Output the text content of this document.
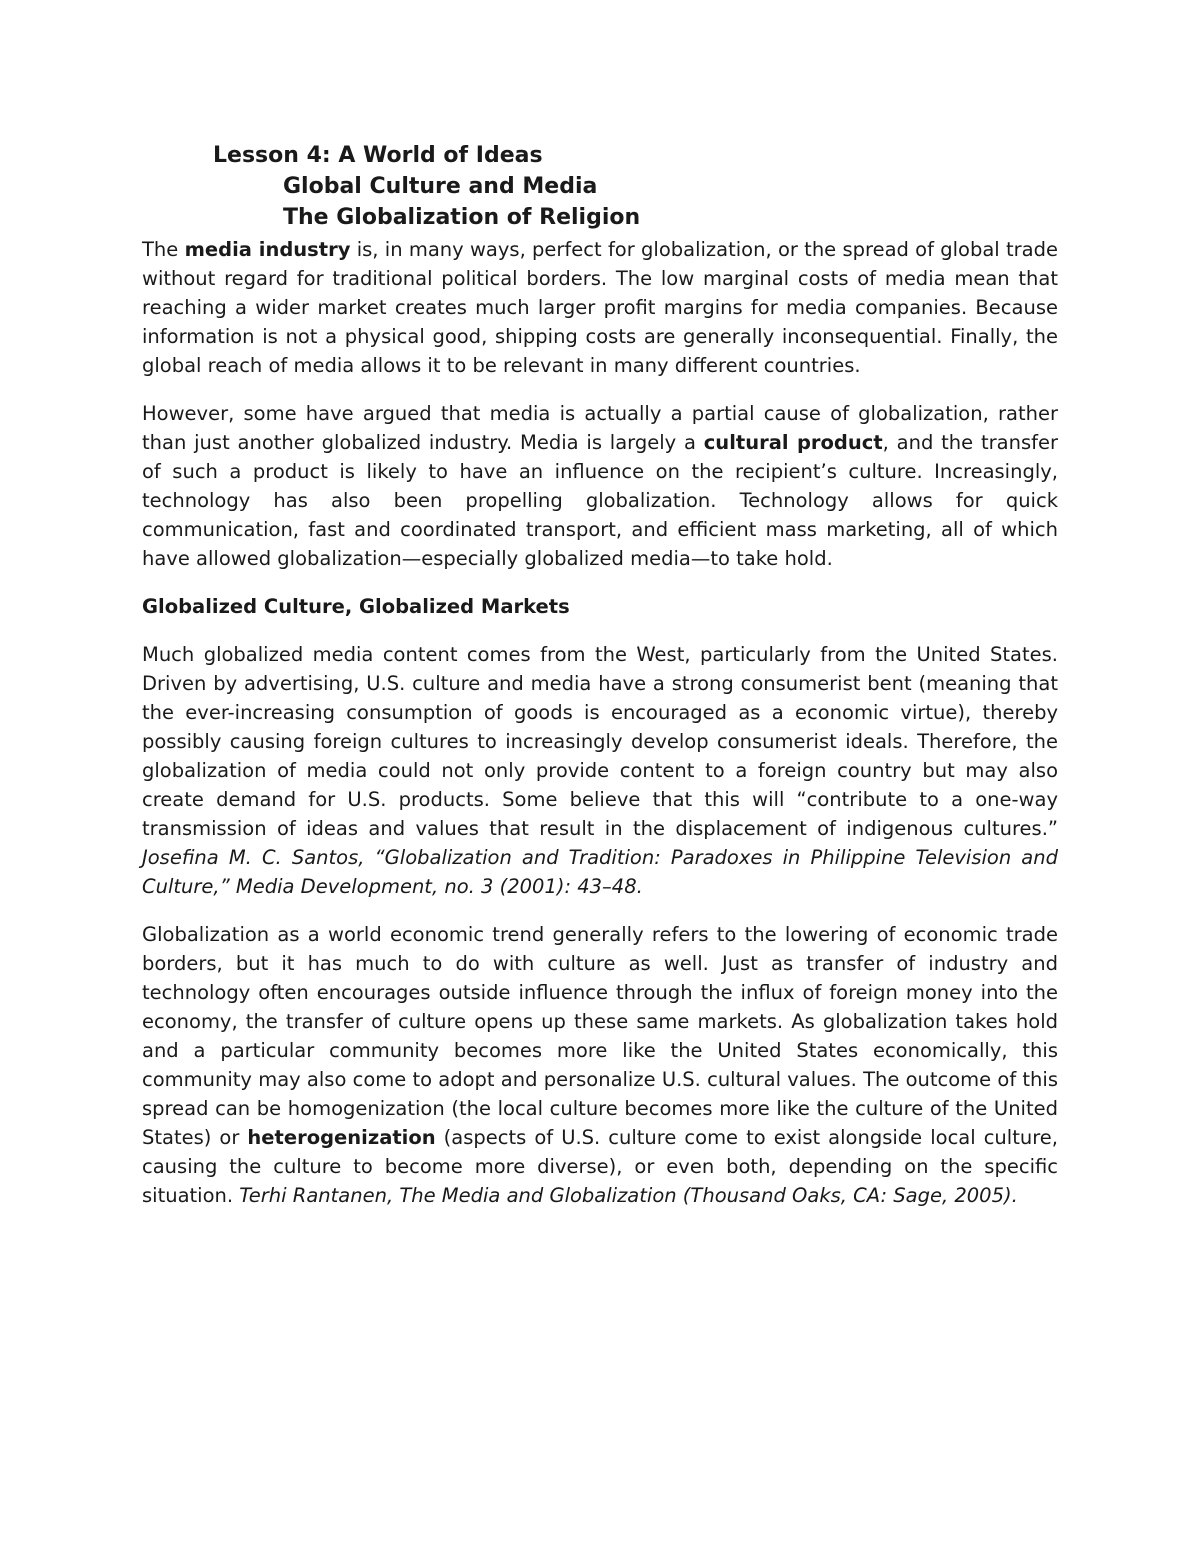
Lesson 4: A World of Ideas
Global Culture and Media
The Globalization of Religion

The media industry is, in many ways, perfect for globalization, or the spread of global trade without regard for traditional political borders. The low marginal costs of media mean that reaching a wider market creates much larger profit margins for media companies. Because information is not a physical good, shipping costs are generally inconsequential. Finally, the global reach of media allows it to be relevant in many different countries.

However, some have argued that media is actually a partial cause of globalization, rather than just another globalized industry. Media is largely a cultural product, and the transfer of such a product is likely to have an influence on the recipient’s culture. Increasingly, technology has also been propelling globalization. Technology allows for quick communication, fast and coordinated transport, and efficient mass marketing, all of which have allowed globalization—especially globalized media—to take hold.

Globalized Culture, Globalized Markets

Much globalized media content comes from the West, particularly from the United States. Driven by advertising, U.S. culture and media have a strong consumerist bent (meaning that the ever-increasing consumption of goods is encouraged as a economic virtue), thereby possibly causing foreign cultures to increasingly develop consumerist ideals. Therefore, the globalization of media could not only provide content to a foreign country but may also create demand for U.S. products. Some believe that this will “contribute to a one-way transmission of ideas and values that result in the displacement of indigenous cultures.” Josefina M. C. Santos, “Globalization and Tradition: Paradoxes in Philippine Television and Culture,” Media Development, no. 3 (2001): 43–48.

Globalization as a world economic trend generally refers to the lowering of economic trade borders, but it has much to do with culture as well. Just as transfer of industry and technology often encourages outside influence through the influx of foreign money into the economy, the transfer of culture opens up these same markets. As globalization takes hold and a particular community becomes more like the United States economically, this community may also come to adopt and personalize U.S. cultural values. The outcome of this spread can be homogenization (the local culture becomes more like the culture of the United States) or heterogenization (aspects of U.S. culture come to exist alongside local culture, causing the culture to become more diverse), or even both, depending on the specific situation. Terhi Rantanen, The Media and Globalization (Thousand Oaks, CA: Sage, 2005).
